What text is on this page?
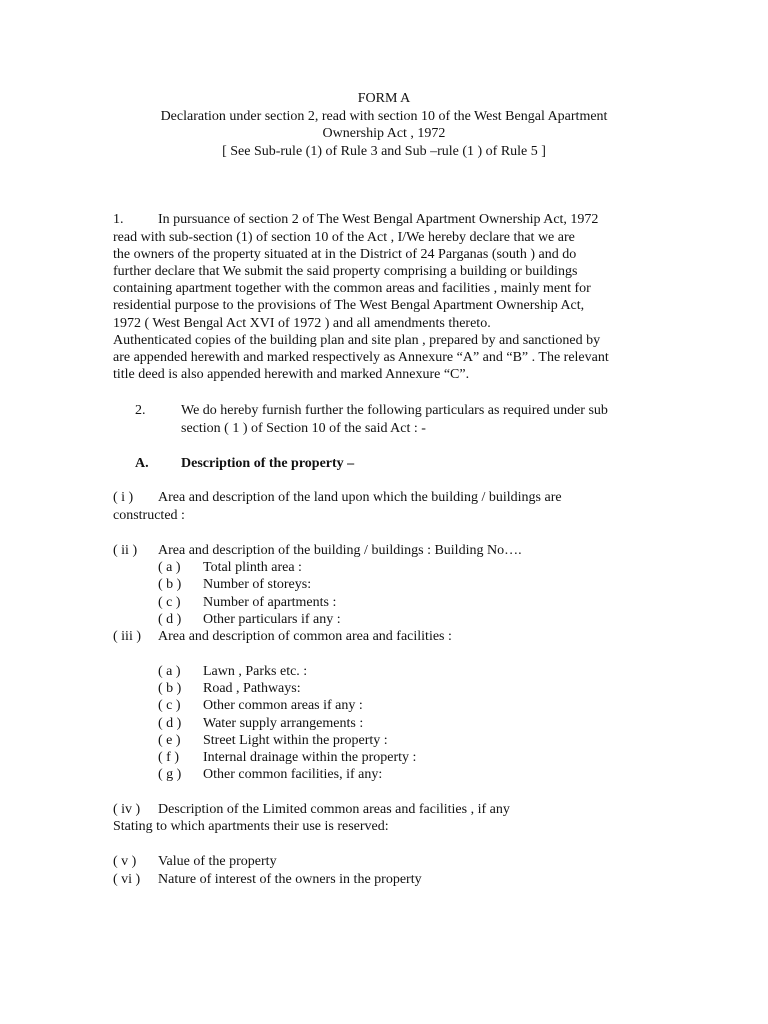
FORM A
Declaration under section 2, read with section 10 of the West Bengal Apartment
Ownership Act , 1972
[ See Sub-rule (1) of Rule 3 and Sub –rule (1 ) of Rule 5 ]
1. In pursuance of section 2 of The West Bengal Apartment Ownership Act, 1972
read with sub-section (1) of section 10 of the Act , I/We hereby declare that we are
the owners of the property situated at in the District of 24 Parganas (south ) and do
further declare that We submit the said property comprising a building or buildings
containing apartment together with the common areas and facilities , mainly ment for
residential purpose to the provisions of The West Bengal Apartment Ownership Act,
1972 ( West Bengal Act XVI of 1972 ) and all amendments thereto.
Authenticated copies of the building plan and site plan , prepared by and sanctioned by
are appended herewith and marked respectively as Annexure “A” and “B” . The relevant
title deed is also appended herewith and marked Annexure “C”.
2.	We do hereby furnish further the following particulars as required under sub
section ( 1 ) of Section 10 of the said Act : -
A. Description of the property –
( i ) Area and description of the land upon which the building / buildings are
constructed :
( ii ) Area and description of the building / buildings : Building No….
( a ) Total plinth area :
( b ) Number of storeys:
( c ) Number of apartments :
( d ) Other particulars if any :
( iii ) Area and description of common area and facilities :
( a ) Lawn , Parks etc. :
( b ) Road , Pathways:
( c ) Other common areas if any :
( d ) Water supply arrangements :
( e ) Street Light within the property :
( f ) Internal drainage within the property :
( g ) Other common facilities, if any:
( iv ) Description of the Limited common areas and facilities , if any
Stating to which apartments their use is reserved:
( v ) Value of the property
( vi ) Nature of interest of the owners in the property
